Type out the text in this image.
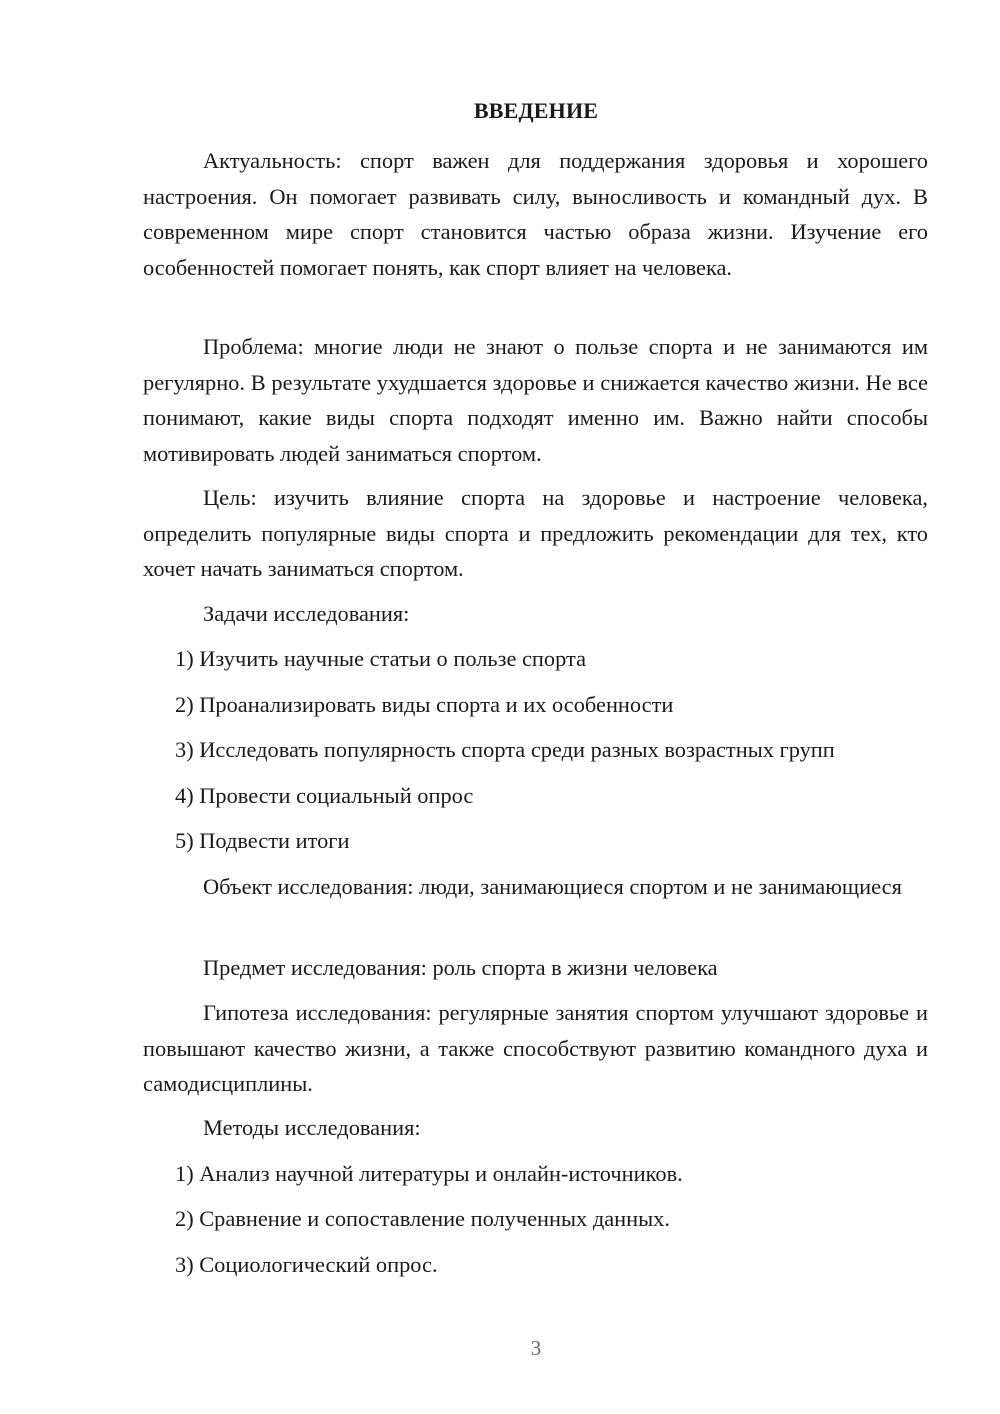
ВВЕДЕНИЕ

Актуальность: спорт важен для поддержания здоровья и хорошего настроения. Он помогает развивать силу, выносливость и командный дух. В современном мире спорт становится частью образа жизни. Изучение его особенностей помогает понять, как спорт влияет на человека.

Проблема: многие люди не знают о пользе спорта и не занимаются им регулярно. В результате ухудшается здоровье и снижается качество жизни. Не все понимают, какие виды спорта подходят именно им. Важно найти способы мотивировать людей заниматься спортом.

Цель: изучить влияние спорта на здоровье и настроение человека, определить популярные виды спорта и предложить рекомендации для тех, кто хочет начать заниматься спортом.

Задачи исследования:

1) Изучить научные статьи о пользе спорта

2) Проанализировать виды спорта и их особенности

3) Исследовать популярность спорта среди разных возрастных групп

4) Провести социальный опрос

5) Подвести итоги

Объект исследования: люди, занимающиеся спортом и не занимающиеся

Предмет исследования: роль спорта в жизни человека

Гипотеза исследования: регулярные занятия спортом улучшают здоровье и повышают качество жизни, а также способствуют развитию командного духа и самодисциплины.

Методы исследования:

1) Анализ научной литературы и онлайн-источников.

2) Сравнение и сопоставление полученных данных.

3) Социологический опрос.

3
